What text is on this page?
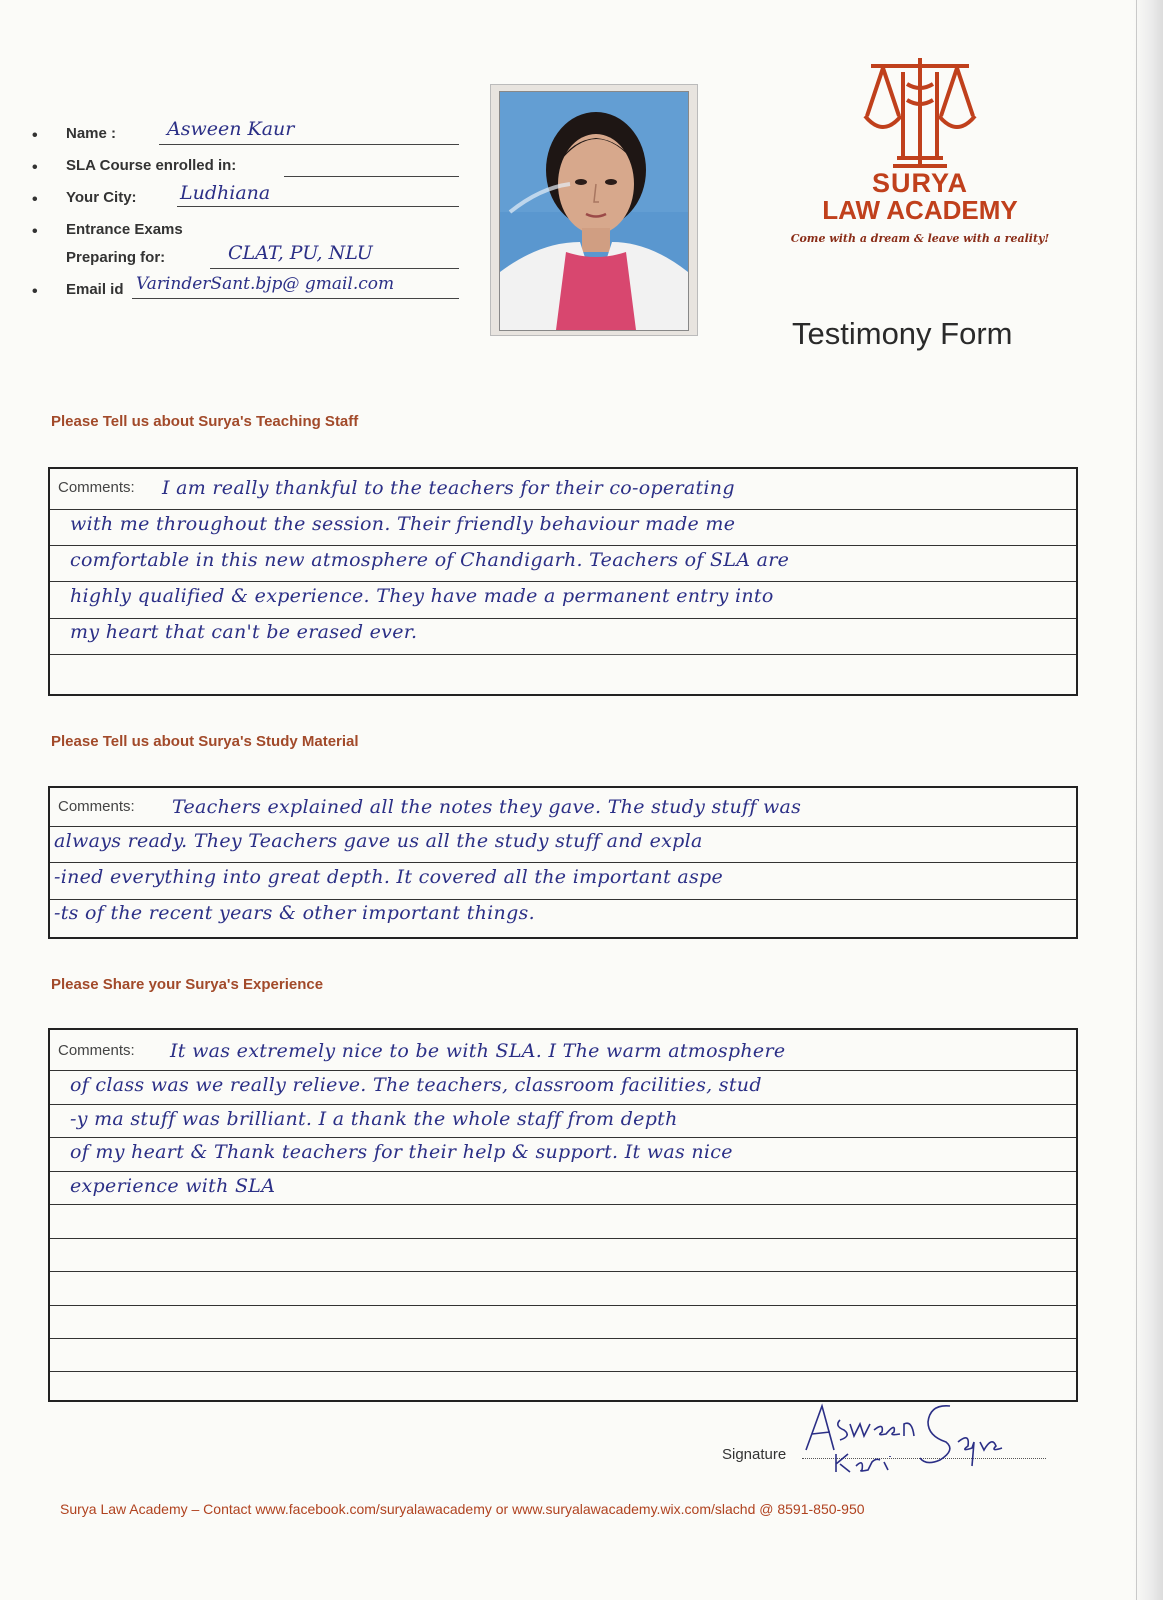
• Name :	Asween Kaur
• SLA Course enrolled in:
• Your City: Ludhiana
• Entrance Exams
Preparing for:	CLAT, PU, NLU
• Email id VarinderSant.bjp@ gmail.com
SURYA
LAW ACADEMY
Come with a dream & leave with a reality!
Testimony Form
Please Tell us about Surya's Teaching Staff
Comments: I am really thankful to the teachers for their co-operating
with me throughout the session. Their friendly behaviour made me
comfortable in this new atmosphere of Chandigarh. Teachers of SLA are
highly qualified & experience. They have made a permanent entry into
my heart that can't be erased ever.
Please Tell us about Surya's Study Material
Comments: Teachers explained all the notes they gave. The study stuff was
always ready. They Teachers gave us all the study stuff and expla
-ined everything into great depth. It covered all the important aspe
-ts of the recent years & other important things.
Please Share your Surya's Experience
Comments: It was extremely nice to be with SLA. I The warm atmosphere
of class was we really relieve. The teachers, classroom facilities, stud
-y ma stuff was brilliant. I a thank the whole staff from depth
of my heart & Thank teachers for their help & support. It was nice
experience with SLA
Signature
Surya Law Academy – Contact www.facebook.com/suryalawacademy or www.suryalawacademy.wix.com/slachd @ 8591-850-950
